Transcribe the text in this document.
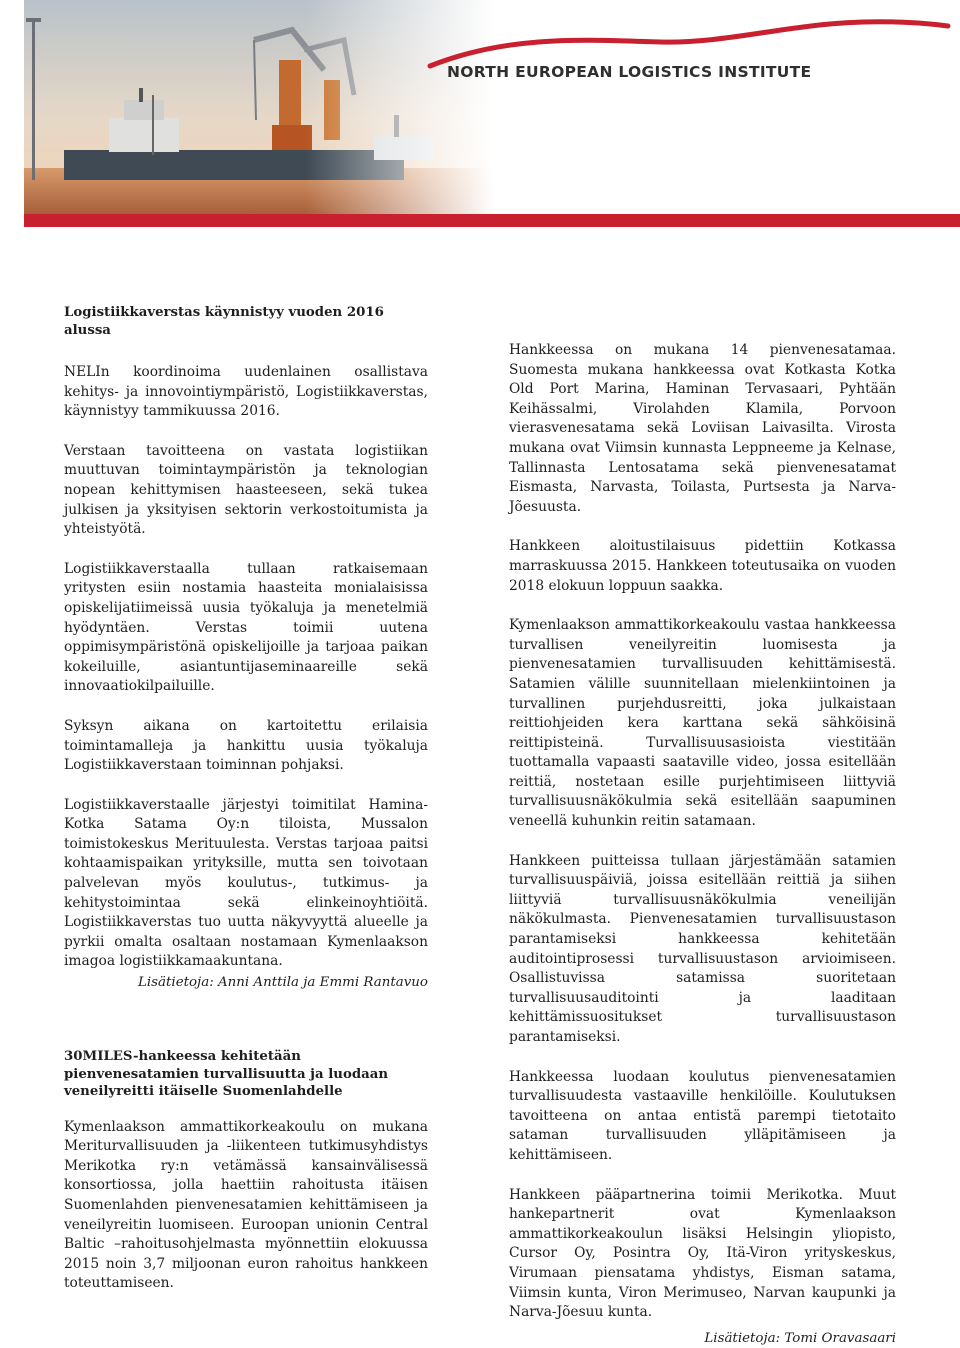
NORTH EUROPEAN LOGISTICS INSTITUTE
Logistiikkaverstas käynnistyy vuoden 2016 alussa

NELIn koordinoima uudenlainen osallistava kehitys- ja innovointiympäristö, Logistiikkaverstas, käynnistyy tammikuussa 2016.

Verstaan tavoitteena on vastata logistiikan muuttuvan toimintaympäristön ja teknologian nopean kehittymisen haasteeseen, sekä tukea julkisen ja yksityisen sektorin verkostoitumista ja yhteistyötä.

Logistiikkaverstaalla tullaan ratkaisemaan yritysten esiin nostamia haasteita monialaisissa opiskelijatiimeissä uusia työkaluja ja menetelmiä hyödyntäen. Verstas toimii uutena oppimisympäristönä opiskelijoille ja tarjoaa paikan kokeiluille, asiantuntijaseminaareille sekä innovaatiokilpailuille.

Syksyn aikana on kartoitettu erilaisia toimintamalleja ja hankittu uusia työkaluja Logistiikkaverstaan toiminnan pohjaksi.

Logistiikkaverstaalle järjestyi toimitilat Hamina-Kotka Satama Oy:n tiloista, Mussalon toimistokeskus Merituulesta. Verstas tarjoaa paitsi kohtaamispaikan yrityksille, mutta sen toivotaan palvelevan myös koulutus-, tutkimus- ja kehitystoimintaa sekä elinkeinoyhtiöitä. Logistiikkaverstas tuo uutta näkyvyyttä alueelle ja pyrkii omalta osaltaan nostamaan Kymenlaakson imagoa logistiikkamaakuntana.

Lisätietoja: Anni Anttila ja Emmi Rantavuo
30MILES-hankeessa kehitetään pienvenesatamien turvallisuutta ja luodaan veneilyreitti itäiselle Suomenlahdelle

Kymenlaakson ammattikorkeakoulu on mukana Meriturvallisuuden ja -liikenteen tutkimusyhdistys Merikotka ry:n vetämässä kansainvälisessä konsortiossa, jolla haettiin rahoitusta itäisen Suomenlahden pienvenesatamien kehittämiseen ja veneilyreitin luomiseen. Euroopan unionin Central Baltic –rahoitusohjelmasta myönnettiin elokuussa 2015 noin 3,7 miljoonan euron rahoitus hankkeen toteuttamiseen.

Hankkeessa on mukana 14 pienvenesatamaa. Suomesta mukana hankkeessa ovat Kotkasta Kotka Old Port Marina, Haminan Tervasaari, Pyhtään Keihässalmi, Virolahden Klamila, Porvoon vierasvenesatama sekä Loviisan Laivasilta. Virosta mukana ovat Viimsin kunnasta Leppneeme ja Kelnase, Tallinnasta Lentosatama sekä pienvenesatamat Eismasta, Narvasta, Toilasta, Purtsesta ja Narva-Jõesuusta.

Hankkeen aloitustilaisuus pidettiin Kotkassa marraskuussa 2015. Hankkeen toteutusaika on vuoden 2018 elokuun loppuun saakka.

Kymenlaakson ammattikorkeakoulu vastaa hankkeessa turvallisen veneilyreitin luomisesta ja pienvenesatamien turvallisuuden kehittämisestä. Satamien välille suunnitellaan mielenkiintoinen ja turvallinen purjehdusreitti, joka julkaistaan reittiohjeiden kera karttana sekä sähköisinä reittipisteinä. Turvallisuusasioista viestitään tuottamalla vapaasti saataville video, jossa esitellään reittiä, nostetaan esille purjehtimiseen liittyviä turvallisuusnäkökulmia sekä esitellään saapuminen veneellä kuhunkin reitin satamaan.

Hankkeen puitteissa tullaan järjestämään satamien turvallisuuspäiviä, joissa esitellään reittiä ja siihen liittyviä turvallisuusnäkökulmia veneilijän näkökulmasta. Pienvenesatamien turvallisuustason parantamiseksi hankkeessa kehitetään auditointiprosessi turvallisuustason arvioimiseen. Osallistuvissa satamissa suoritetaan turvallisuusauditointi ja laaditaan kehittämissuositukset turvallisuustason parantamiseksi.

Hankkeessa luodaan koulutus pienvenesatamien turvallisuudesta vastaaville henkilöille. Koulutuksen tavoitteena on antaa entistä parempi tietotaito sataman turvallisuuden ylläpitämiseen ja kehittämiseen.

Hankkeen pääpartnerina toimii Merikotka. Muut hankepartnerit ovat Kymenlaakson ammattikorkeakoulun lisäksi Helsingin yliopisto, Cursor Oy, Posintra Oy, Itä-Viron yrityskeskus, Virumaan piensatama yhdistys, Eisman satama, Viimsin kunta, Viron Merimuseo, Narvan kaupunki ja Narva-Jõesuu kunta.

Lisätietoja: Tomi Oravasaari
